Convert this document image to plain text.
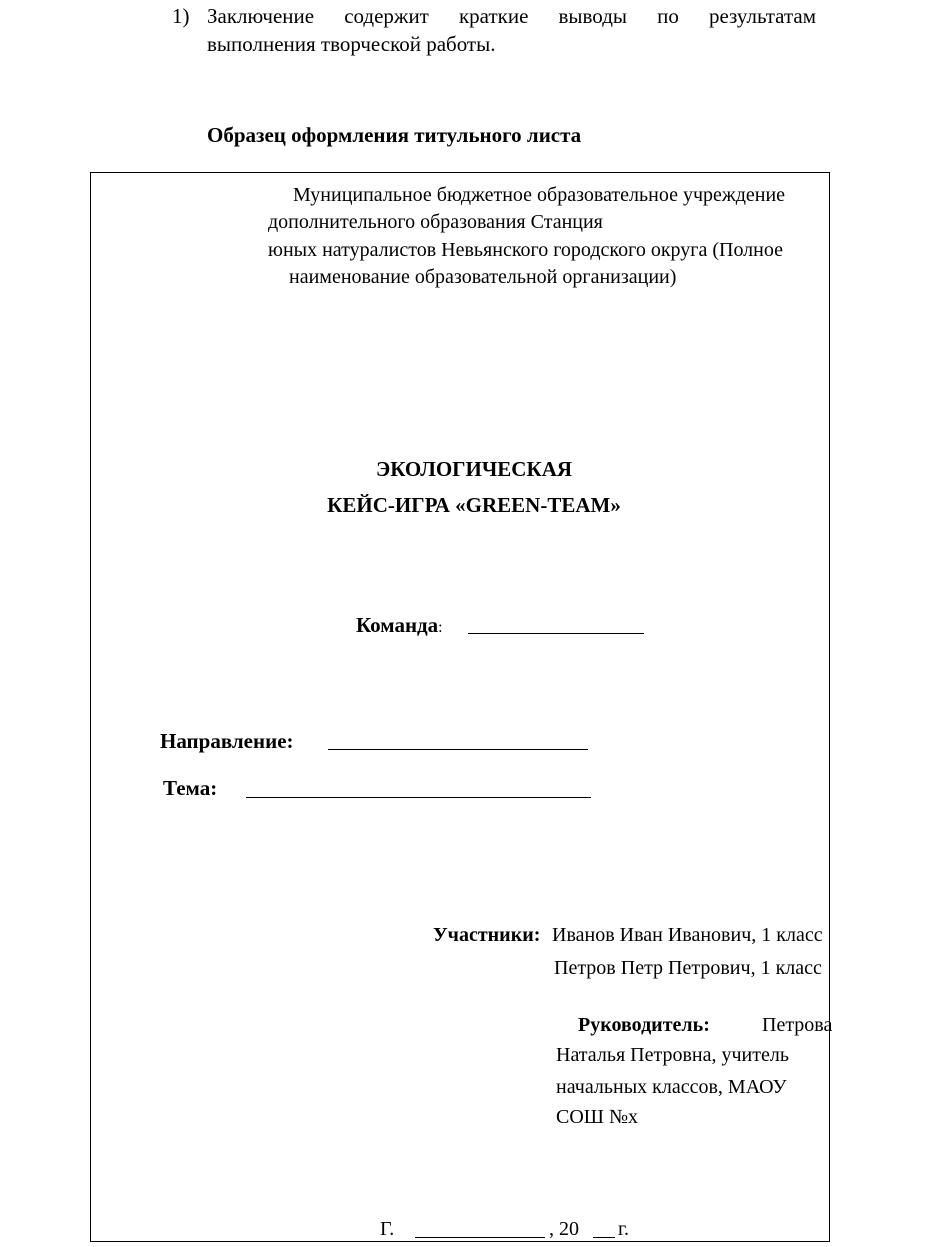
1) Заключение содержит краткие выводы по результатам
выполнения творческой работы.
Образец оформления титульного листа
Муниципальное бюджетное образовательное учреждение
дополнительного образования Станция
юных натуралистов Невьянского городского округа (Полное
наименование образовательной организации)
ЭКОЛОГИЧЕСКАЯ
КЕЙС-ИГРА «GREEN-TEAM»
Команда:
Направление:
Тема:
Участники: Иванов Иван Иванович, 1 класс
Петров Петр Петрович, 1 класс
Руководитель:	Петрова
Наталья Петровна, учитель
начальных классов, МАОУ
СОШ №х
Г.	, 20 г.
